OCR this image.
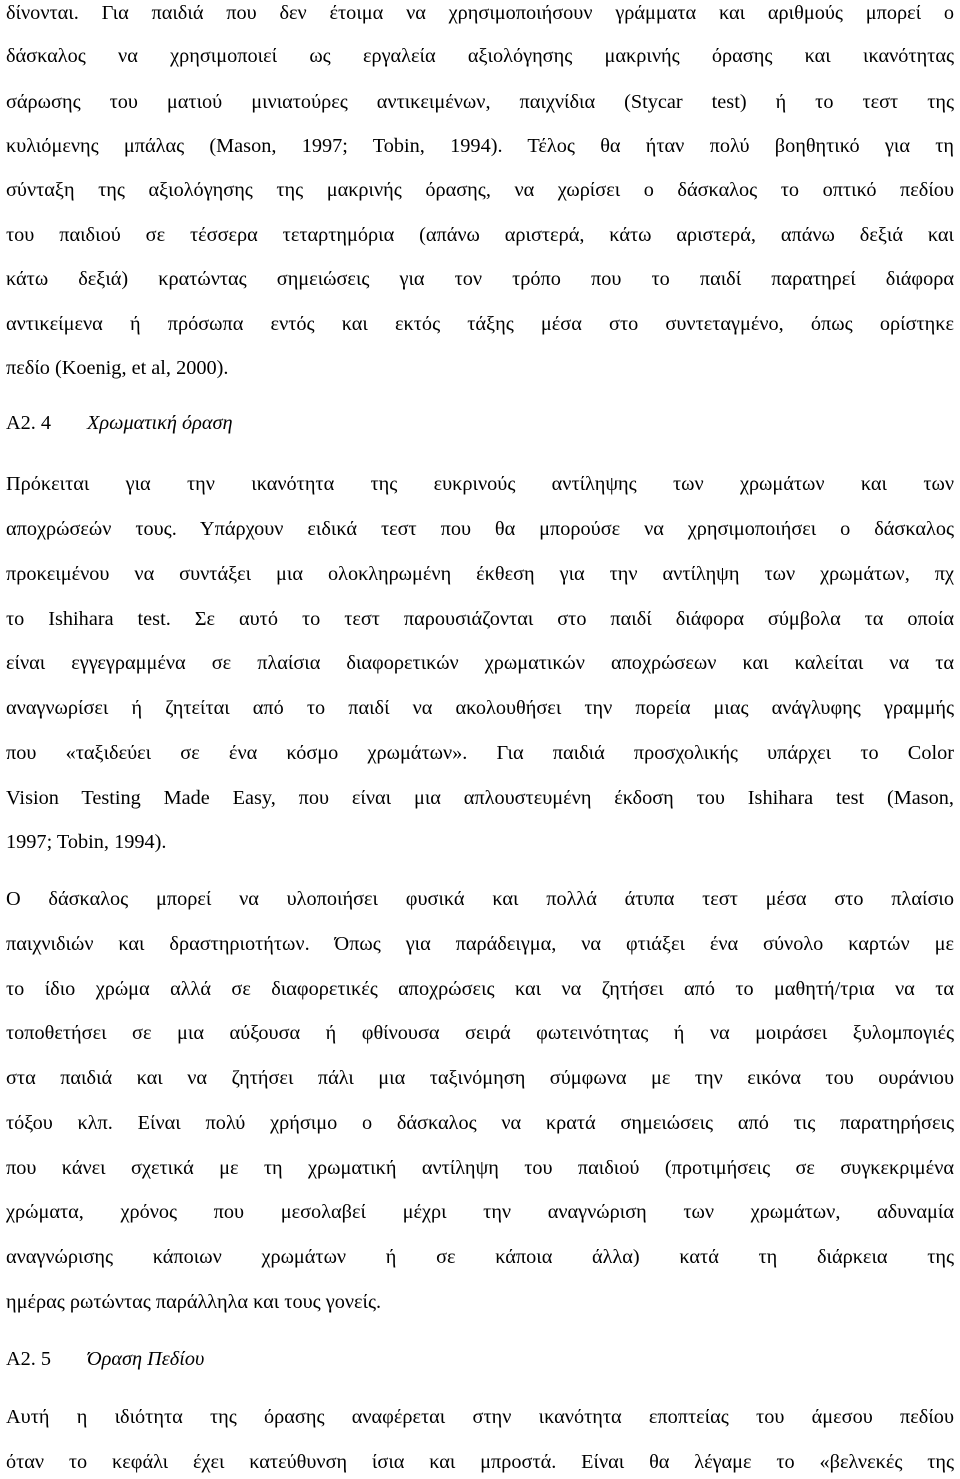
δίνονται. Για παιδιά που δεν έτοιμα να χρησιμοποιήσουν γράμματα και αριθμούς μπορεί ο
δάσκαλος να χρησιμοποιεί ως εργαλεία αξιολόγησης μακρινής όρασης και ικανότητας
σάρωσης του ματιού μινιατούρες αντικειμένων, παιχνίδια (Stycar test) ή το τεστ της
κυλιόμενης μπάλας (Mason, 1997; Tobin, 1994). Τέλος θα ήταν πολύ βοηθητικό για τη
σύνταξη της αξιολόγησης της μακρινής όρασης, να χωρίσει ο δάσκαλος το οπτικό πεδίου
του παιδιού σε τέσσερα τεταρτημόρια (απάνω αριστερά, κάτω αριστερά, απάνω δεξιά και
κάτω δεξιά) κρατώντας σημειώσεις για τον τρόπο που το παιδί παρατηρεί διάφορα
αντικείμενα ή πρόσωπα εντός και εκτός τάξης μέσα στο συντεταγμένο, όπως ορίστηκε
πεδίο (Koenig, et al, 2000).
Α2. 4 Χρωματική όραση
Πρόκειται για την ικανότητα της ευκρινούς αντίληψης των χρωμάτων και των
αποχρώσεών τους. Υπάρχουν ειδικά τεστ που θα μπορούσε να χρησιμοποιήσει ο δάσκαλος
προκειμένου να συντάξει μια ολοκληρωμένη έκθεση για την αντίληψη των χρωμάτων, πχ
το Ishihara test. Σε αυτό το τεστ παρουσιάζονται στο παιδί διάφορα σύμβολα τα οποία
είναι εγγεγραμμένα σε πλαίσια διαφορετικών χρωματικών αποχρώσεων και καλείται να τα
αναγνωρίσει ή ζητείται από το παιδί να ακολουθήσει την πορεία μιας ανάγλυφης γραμμής
που «ταξιδεύει σε ένα κόσμο χρωμάτων». Για παιδιά προσχολικής υπάρχει το Color
Vision Testing Made Easy, που είναι μια απλουστευμένη έκδοση του Ishihara test (Mason,
1997; Tobin, 1994).
Ο δάσκαλος μπορεί να υλοποιήσει φυσικά και πολλά άτυπα τεστ μέσα στο πλαίσιο
παιχνιδιών και δραστηριοτήτων. Όπως για παράδειγμα, να φτιάξει ένα σύνολο καρτών με
το ίδιο χρώμα αλλά σε διαφορετικές αποχρώσεις και να ζητήσει από το μαθητή/τρια να τα
τοποθετήσει σε μια αύξουσα ή φθίνουσα σειρά φωτεινότητας ή να μοιράσει ξυλομπογιές
στα παιδιά και να ζητήσει πάλι μια ταξινόμηση σύμφωνα με την εικόνα του ουράνιου
τόξου κλπ. Είναι πολύ χρήσιμο ο δάσκαλος να κρατά σημειώσεις από τις παρατηρήσεις
που κάνει σχετικά με τη χρωματική αντίληψη του παιδιού (προτιμήσεις σε συγκεκριμένα
χρώματα, χρόνος που μεσολαβεί μέχρι την αναγνώριση των χρωμάτων, αδυναμία
αναγνώρισης κάποιων χρωμάτων ή σε κάποια άλλα) κατά τη διάρκεια της
ημέρας ρωτώντας παράλληλα και τους γονείς.
Α2. 5 Όραση Πεδίου
Αυτή η ιδιότητα της όρασης αναφέρεται στην ικανότητα εποπτείας του άμεσου πεδίου
όταν το κεφάλι έχει κατεύθυνση ίσια και μπροστά. Είναι θα λέγαμε το «βελνεκές της
